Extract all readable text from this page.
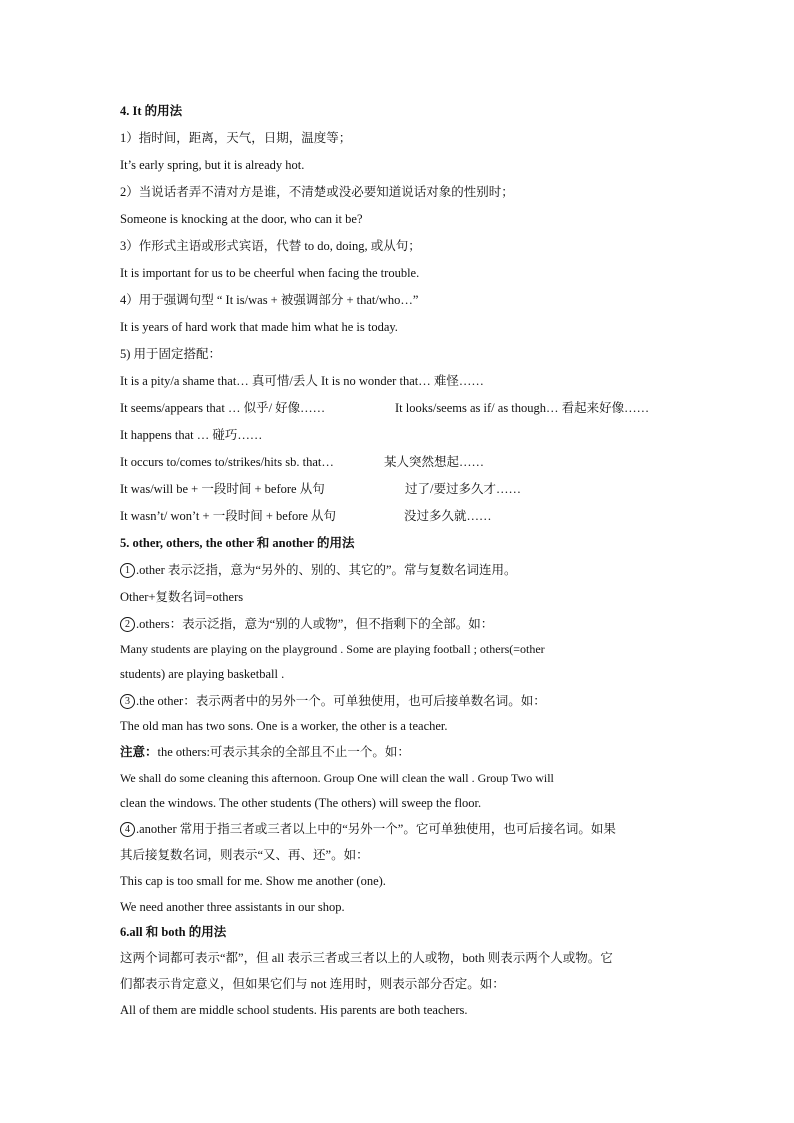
4. It 的用法
1）指时间，距离，天气，日期，温度等；
It’s early spring, but it is already hot.
2）当说话者弄不清对方是谁，不清楚或没必要知道说话对象的性别时；
Someone is knocking at the door, who can it be?
3）作形式主语或形式宾语，代替 to do, doing, 或从句；
It is important for us to be cheerful when facing the trouble.
4）用于强调句型 “ It is/was + 被强调部分 + that/who…”
It is years of hard work that made him what he is today.
5) 用于固定搭配：
It is a pity/a shame that… 真可惜/丢人 It is no wonder that… 难怪……
It seems/appears that … 似乎/ 好像……	It looks/seems as if/ as though… 看起来好像……
It happens that … 碰巧……
It occurs to/comes to/strikes/hits sb. that…	某人突然想起……
It was/will be + 一段时间 + before 从句	过了/要过多久才……
It wasn’t/ won’t + 一段时间 + before 从句	没过多久就……
5. other, others, the other 和 another 的用法
1 .other 表示泛指，意为“另外的、别的、其它的”。常与复数名词连用。
Other+复数名词=others
2 .others：表示泛指，意为“别的人或物”，但不指剩下的全部。如：
Many students are playing on the playground . Some are playing football ; others(=other
students) are playing basketball .
3 .the other：表示两者中的另外一个。可单独使用，也可后接单数名词。如：
The old man has two sons. One is a worker, the other is a teacher.
注意：the others:可表示其余的全部且不止一个。如：
We shall do some cleaning this afternoon. Group One will clean the wall . Group Two will
clean the windows. The other students (The others) will sweep the floor.
4 .another 常用于指三者或三者以上中的“另外一个”。它可单独使用，也可后接名词。如果
其后接复数名词，则表示“又、再、还”。如：
This cap is too small for me. Show me another (one).
We need another three assistants in our shop.
6.all 和 both 的用法
这两个词都可表示“都”，但 all 表示三者或三者以上的人或物，both 则表示两个人或物。它
们都表示肯定意义，但如果它们与 not 连用时，则表示部分否定。如：
All of them are middle school students. His parents are both teachers.
